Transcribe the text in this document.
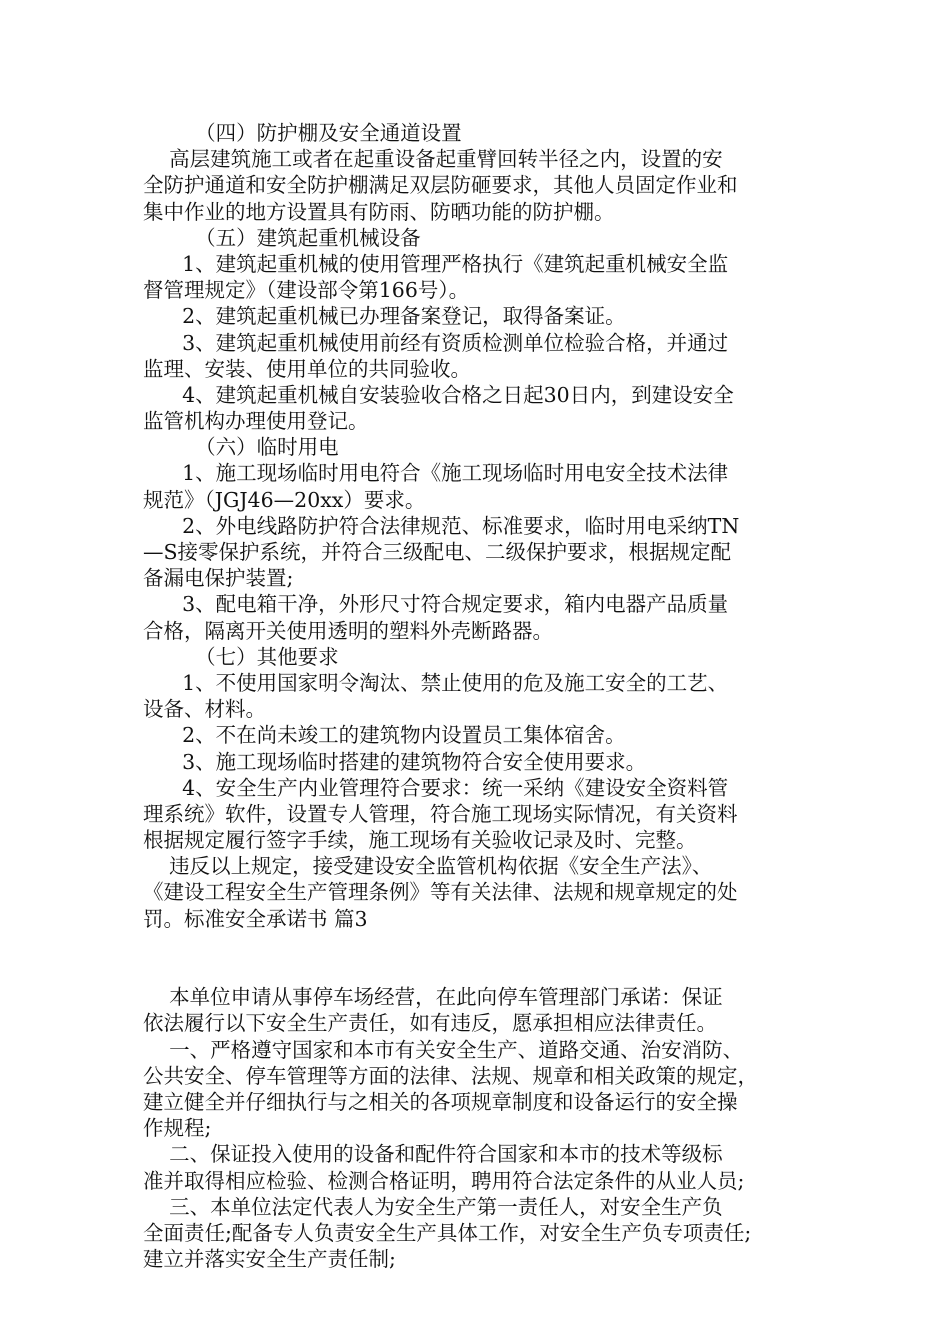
（四）防护棚及安全通道设置
高层建筑施工或者在起重设备起重臂回转半径之内，设置的安
全防护通道和安全防护棚满足双层防砸要求，其他人员固定作业和
集中作业的地方设置具有防雨、防晒功能的防护棚。
（五）建筑起重机械设备
1、建筑起重机械的使用管理严格执行《建筑起重机械安全监
督管理规定》（建设部令第166号）。
2、建筑起重机械已办理备案登记，取得备案证。
3、建筑起重机械使用前经有资质检测单位检验合格，并通过
监理、安装、使用单位的共同验收。
4、建筑起重机械自安装验收合格之日起30日内，到建设安全
监管机构办理使用登记。
（六）临时用电
1、施工现场临时用电符合《施工现场临时用电安全技术法律
规范》（JGJ46—20xx）要求。
2、外电线路防护符合法律规范、标准要求，临时用电采纳TN
—S接零保护系统，并符合三级配电、二级保护要求，根据规定配
备漏电保护装置;
3、配电箱干净，外形尺寸符合规定要求，箱内电器产品质量
合格，隔离开关使用透明的塑料外壳断路器。
（七）其他要求
1、不使用国家明令淘汰、禁止使用的危及施工安全的工艺、
设备、材料。
2、不在尚未竣工的建筑物内设置员工集体宿舍。
3、施工现场临时搭建的建筑物符合安全使用要求。
4、安全生产内业管理符合要求：统一采纳《建设安全资料管
理系统》软件，设置专人管理，符合施工现场实际情况，有关资料
根据规定履行签字手续，施工现场有关验收记录及时、完整。
违反以上规定，接受建设安全监管机构依据《安全生产法》、
《建设工程安全生产管理条例》等有关法律、法规和规章规定的处
罚。标准安全承诺书 篇3
本单位申请从事停车场经营，在此向停车管理部门承诺：保证
依法履行以下安全生产责任，如有违反，愿承担相应法律责任。
一、严格遵守国家和本市有关安全生产、道路交通、治安消防、
公共安全、停车管理等方面的法律、法规、规章和相关政策的规定，
建立健全并仔细执行与之相关的各项规章制度和设备运行的安全操
作规程;
二、保证投入使用的设备和配件符合国家和本市的技术等级标
准并取得相应检验、检测合格证明，聘用符合法定条件的从业人员;
三、本单位法定代表人为安全生产第一责任人，对安全生产负
全面责任;配备专人负责安全生产具体工作，对安全生产负专项责任;
建立并落实安全生产责任制;
